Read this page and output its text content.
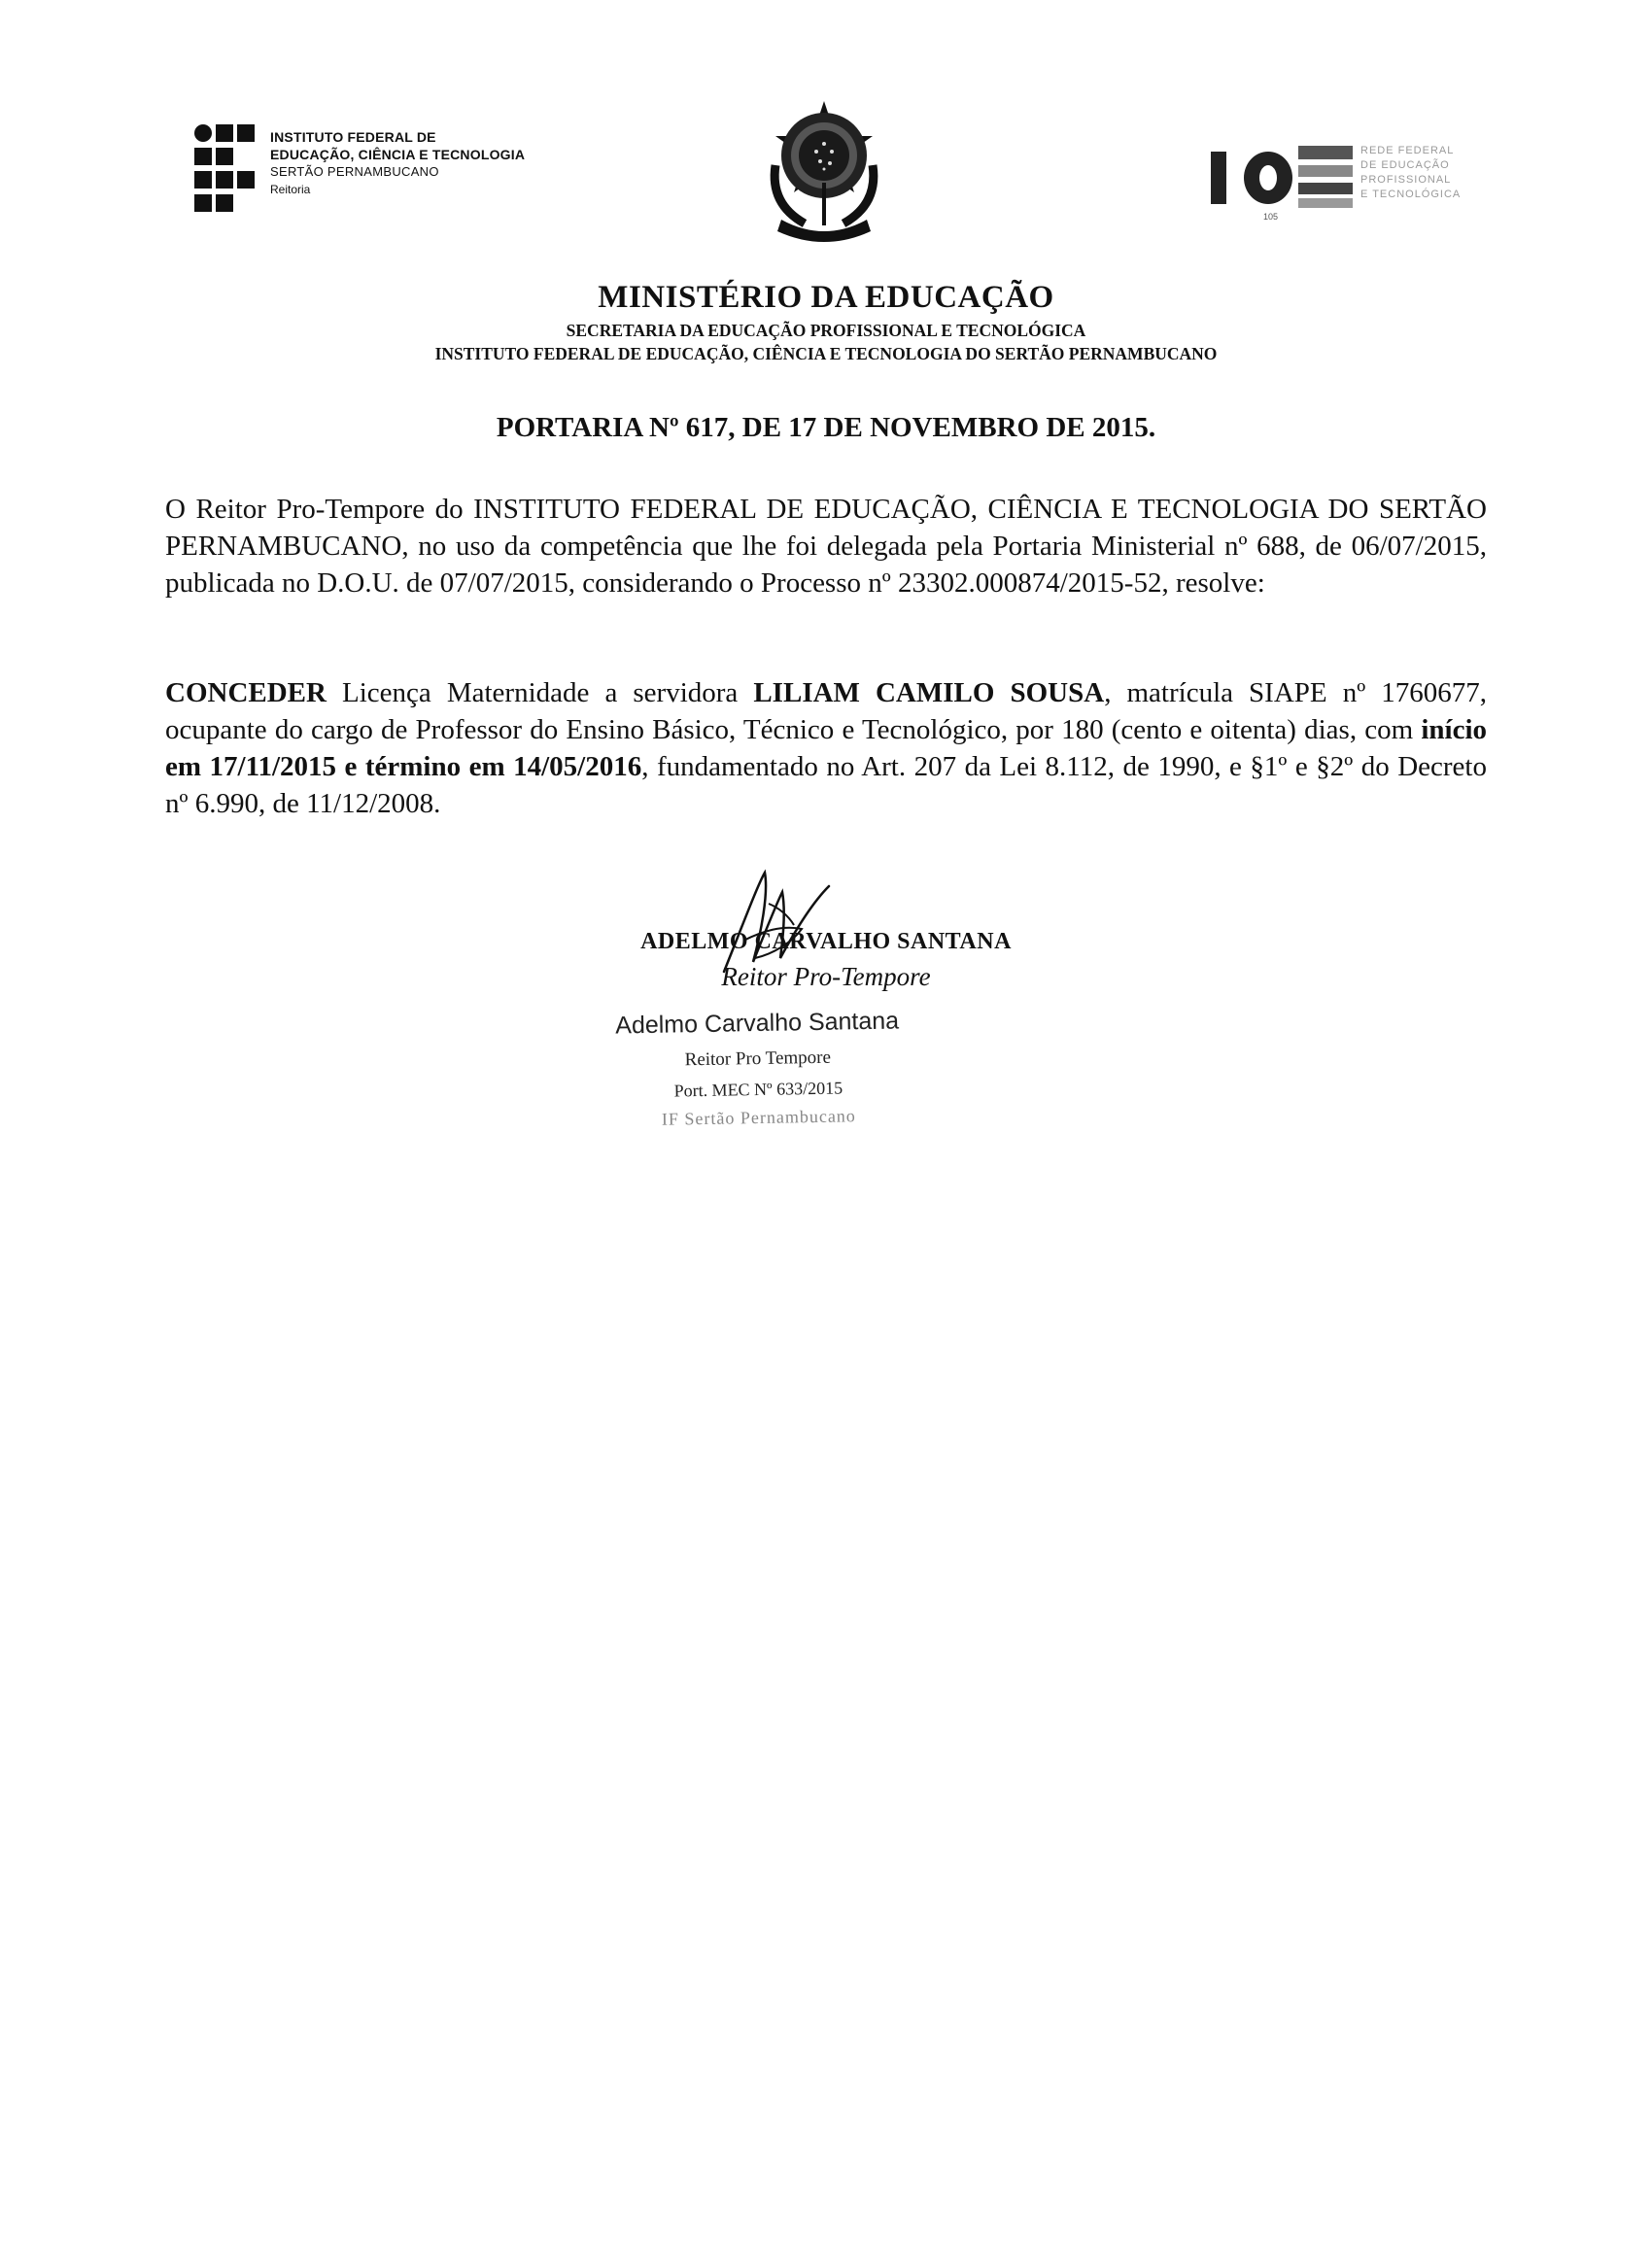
INSTITUTO FEDERAL DE
EDUCAÇÃO, CIÊNCIA E TECNOLOGIA
SERTÃO PERNAMBUCANO
Reitoria
105
REDE FEDERAL
DE EDUCAÇÃO
PROFISSIONAL
E TECNOLÓGICA
MINISTÉRIO DA EDUCAÇÃO
SECRETARIA DA EDUCAÇÃO PROFISSIONAL E TECNOLÓGICA
INSTITUTO FEDERAL DE EDUCAÇÃO, CIÊNCIA E TECNOLOGIA DO SERTÃO PERNAMBUCANO
PORTARIA Nº 617, DE 17 DE NOVEMBRO DE 2015.
O Reitor Pro-Tempore do INSTITUTO FEDERAL DE EDUCAÇÃO, CIÊNCIA E TECNOLOGIA DO SERTÃO PERNAMBUCANO, no uso da competência que lhe foi delegada pela Portaria Ministerial nº 688, de 06/07/2015, publicada no D.O.U. de 07/07/2015, considerando o Processo nº 23302.000874/2015-52, resolve:
CONCEDER Licença Maternidade a servidora LILIAM CAMILO SOUSA, matrícula SIAPE nº 1760677, ocupante do cargo de Professor do Ensino Básico, Técnico e Tecnológico, por 180 (cento e oitenta) dias, com início em 17/11/2015 e término em 14/05/2016, fundamentado no Art. 207 da Lei 8.112, de 1990, e §1º e §2º do Decreto nº 6.990, de 11/12/2008.
ADELMO CARVALHO SANTANA
Reitor Pro-Tempore
Adelmo Carvalho Santana
Reitor Pro Tempore
Port. MEC Nº 633/2015
IF Sertão Pernambucano
